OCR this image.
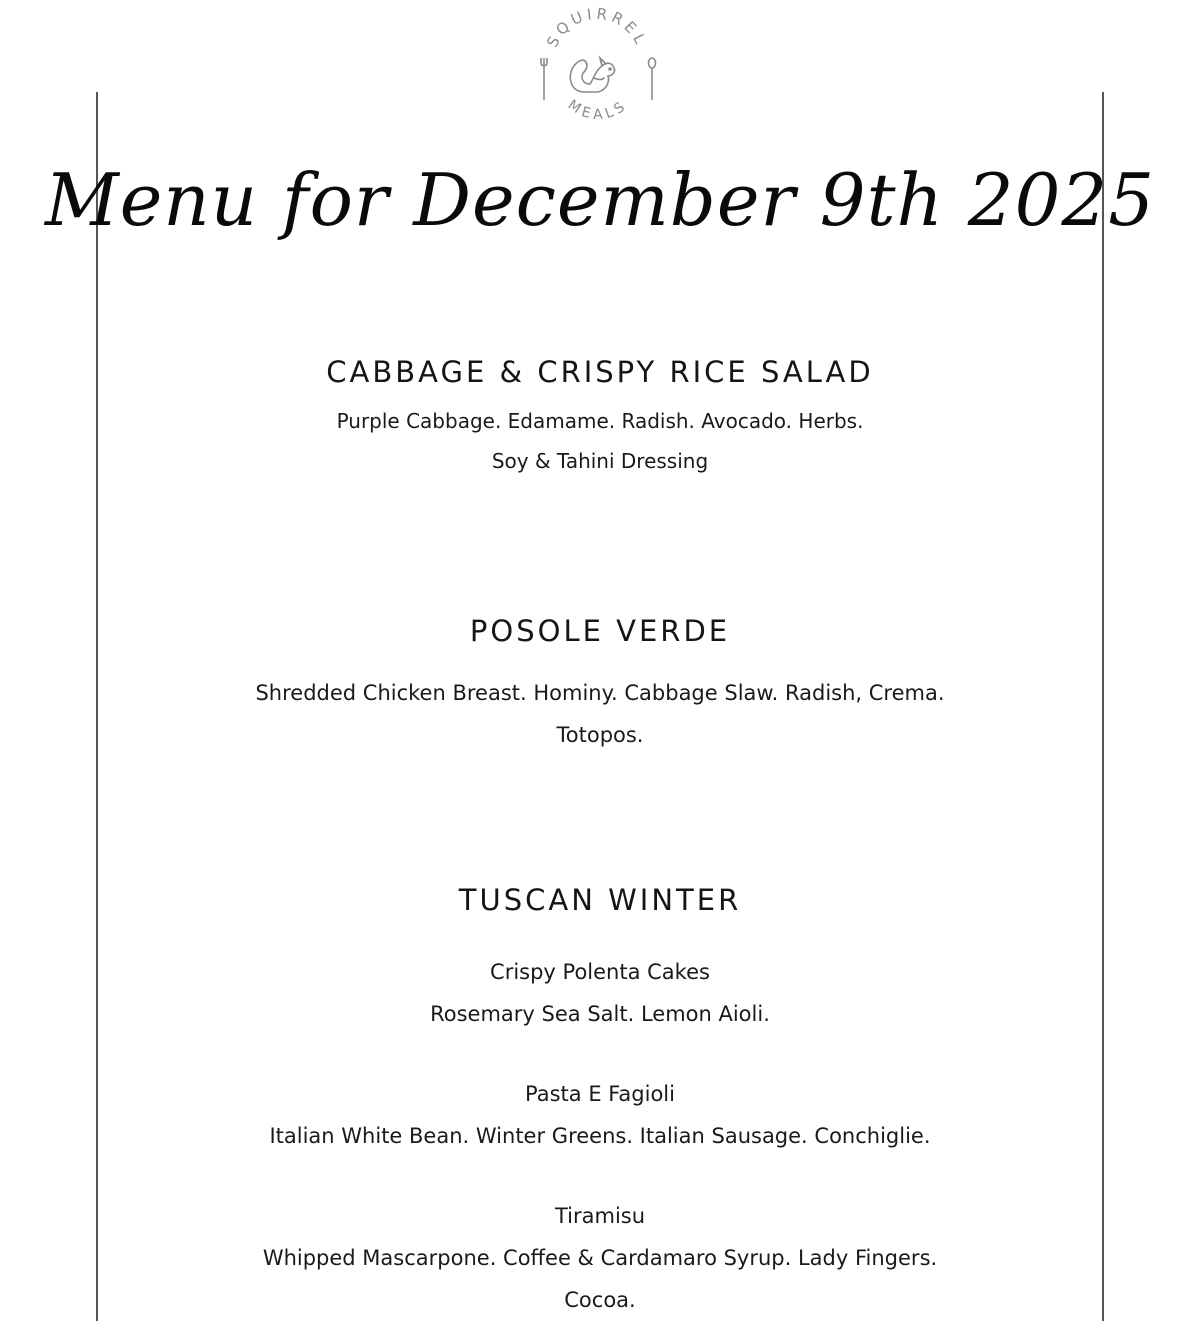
SQUIRREL
MEALS
Menu for December 9th 2025
CABBAGE & CRISPY RICE SALAD
Purple Cabbage. Edamame. Radish. Avocado. Herbs.
Soy & Tahini Dressing
POSOLE VERDE
Shredded Chicken Breast. Hominy. Cabbage Slaw. Radish, Crema.
Totopos.
TUSCAN WINTER
Crispy Polenta Cakes
Rosemary Sea Salt. Lemon Aioli.
Pasta E Fagioli
Italian White Bean. Winter Greens. Italian Sausage. Conchiglie.
Tiramisu
Whipped Mascarpone. Coffee & Cardamaro Syrup. Lady Fingers.
Cocoa.
